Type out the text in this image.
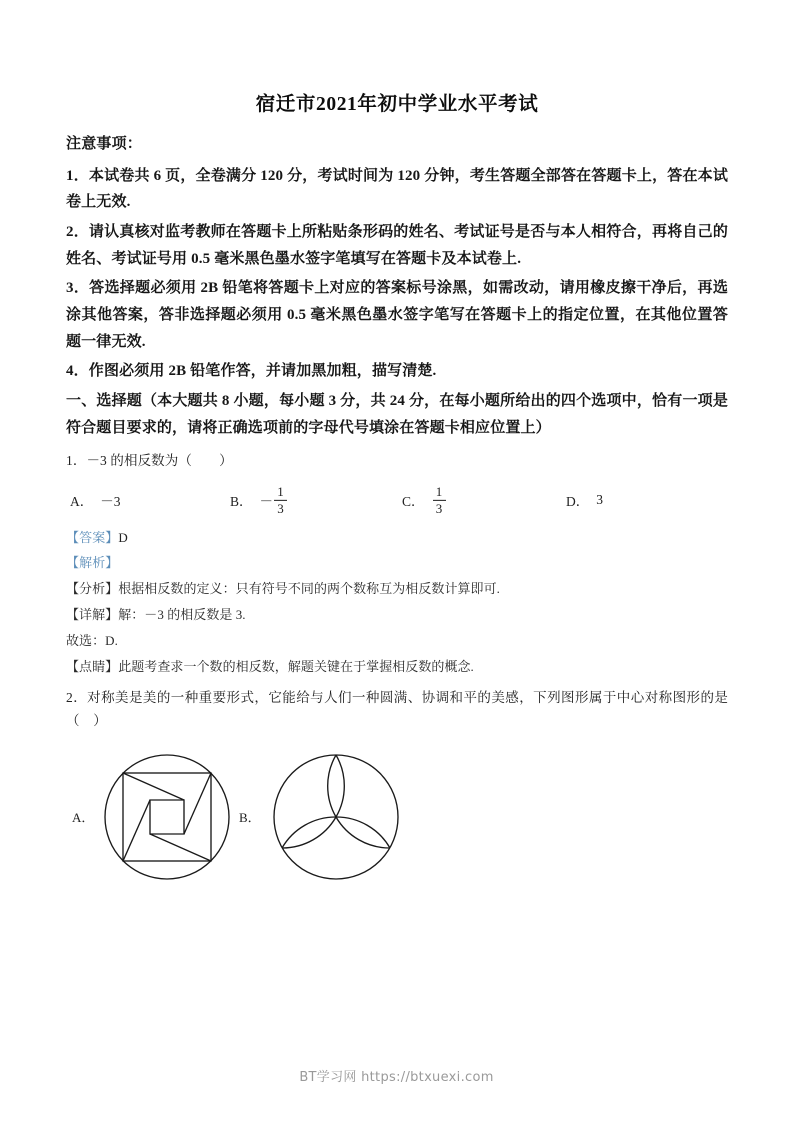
宿迁市2021年初中学业水平考试

注意事项：

1．本试卷共 6 页，全卷满分 120 分，考试时间为 120 分钟，考生答题全部答在答题卡上，答在本试卷上无效.

2．请认真核对监考教师在答题卡上所粘贴条形码的姓名、考试证号是否与本人相符合，再将自己的姓名、考试证号用 0.5 毫米黑色墨水签字笔填写在答题卡及本试卷上.

3．答选择题必须用 2B 铅笔将答题卡上对应的答案标号涂黑，如需改动，请用橡皮擦干净后，再选涂其他答案，答非选择题必须用 0.5 毫米黑色墨水签字笔写在答题卡上的指定位置，在其他位置答题一律无效.

4．作图必须用 2B 铅笔作答，并请加黑加粗，描写清楚.

一、选择题（本大题共 8 小题，每小题 3 分，共 24 分，在每小题所给出的四个选项中，恰有一项是符合题目要求的，请将正确选项前的字母代号填涂在答题卡相应位置上）

1．－3 的相反数为（　　）

A． －3	B． － $\frac{1}{3}$	C． $\frac{1}{3}$	D． 3

【答案】D

【解析】

【分析】根据相反数的定义：只有符号不同的两个数称互为相反数计算即可.

【详解】解：－3 的相反数是 3.

故选：D.

【点睛】此题考查求一个数的相反数，解题关键在于掌握相反数的概念.

2．对称美是美的一种重要形式，它能给与人们一种圆满、协调和平的美感，下列图形属于中心对称图形的是（　）

A．	B．
BT学习网 https://btxuexi.com
